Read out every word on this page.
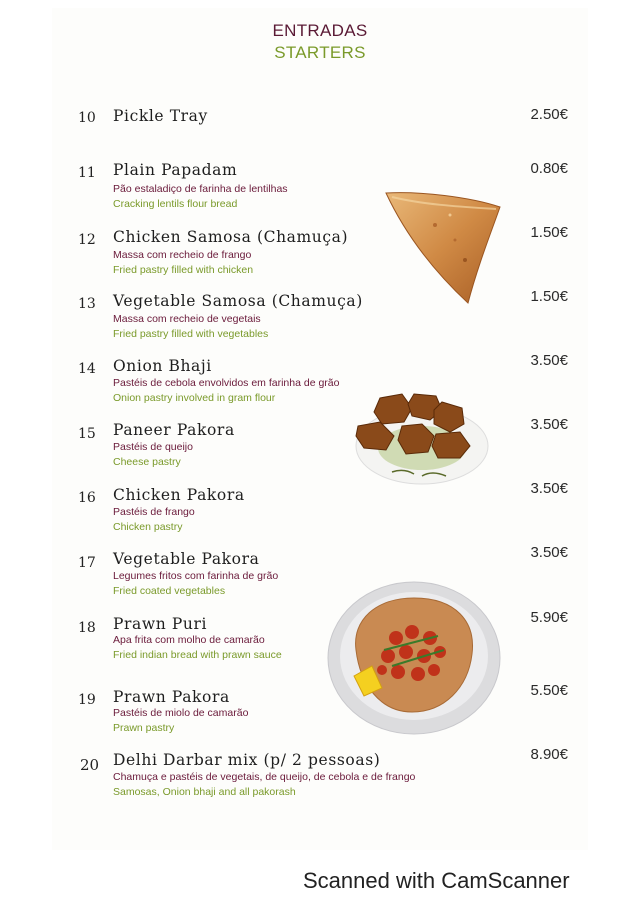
ENTRADAS
STARTERS
10 Pickle Tray	2.50€
11 Plain Papadam
Pão estaladiço de farinha de lentilhas
Cracking lentils flour bread
0.80€
12 Chicken Samosa (Chamuça)
Massa com recheio de frango
Fried pastry filled with chicken
1.50€
13 Vegetable Samosa (Chamuça)
Massa com recheio de vegetais
Fried pastry filled with vegetables
1.50€
14 Onion Bhaji
Pastéis de cebola envolvidos em farinha de grão
Onion pastry involved in gram flour
3.50€
15 Paneer Pakora
Pastéis de queijo
Cheese pastry
3.50€
16 Chicken Pakora
Pastéis de frango
Chicken pastry
3.50€
17 Vegetable Pakora
Legumes fritos com farinha de grão
Fried coated vegetables
3.50€
18 Prawn Puri
Apa frita com molho de camarão
Fried indian bread with prawn sauce
5.90€
19 Prawn Pakora
Pastéis de miolo de camarão
Prawn pastry
5.50€
20 Delhi Darbar mix (p/ 2 pessoas)
Chamuça e pastéis de vegetais, de queijo, de cebola e de frango
Samosas, Onion bhaji and all pakorash
8.90€
Scanned with CamScanner
